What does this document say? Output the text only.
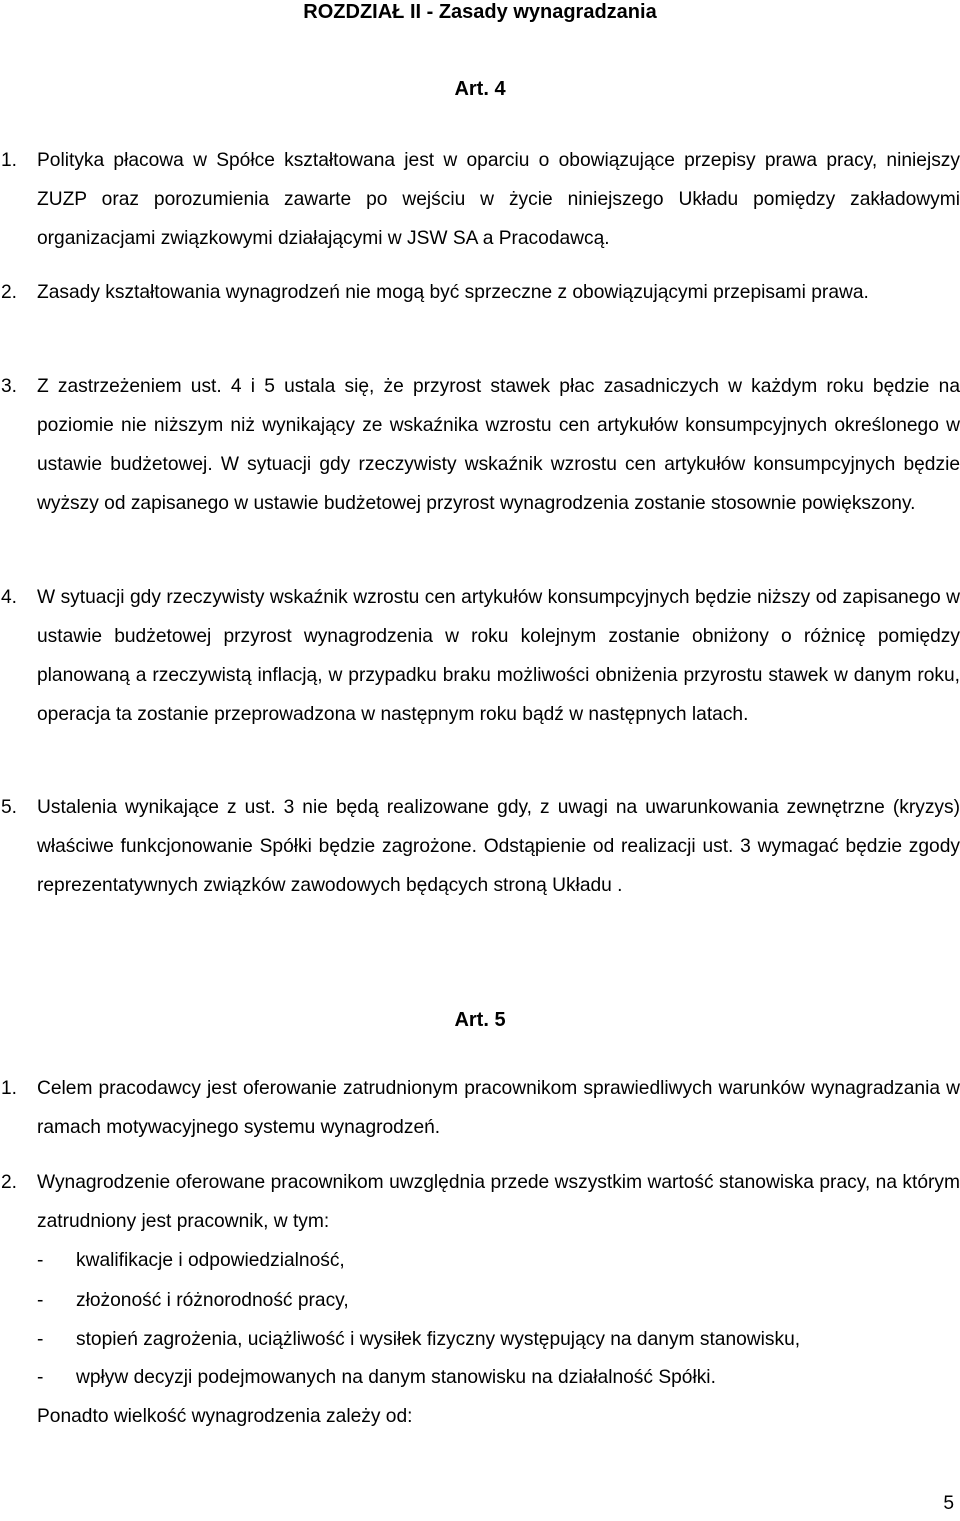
ROZDZIAŁ II - Zasady wynagradzania
Art. 4
1.	Polityka płacowa w Spółce kształtowana jest w oparciu o obowiązujące przepisy prawa pracy, niniejszy ZUZP oraz porozumienia zawarte po wejściu w życie niniejszego Układu pomiędzy zakładowymi organizacjami związkowymi działającymi w JSW SA a Pracodawcą.
2.	Zasady kształtowania wynagrodzeń nie mogą być sprzeczne z obowiązującymi przepisami prawa.
3.	Z zastrzeżeniem ust. 4 i 5 ustala się, że przyrost stawek płac zasadniczych w każdym roku będzie na poziomie nie niższym niż wynikający ze wskaźnika wzrostu cen artykułów konsumpcyjnych określonego w ustawie budżetowej. W sytuacji gdy rzeczywisty wskaźnik wzrostu cen artykułów konsumpcyjnych będzie wyższy od zapisanego w ustawie budżetowej przyrost wynagrodzenia zostanie stosownie powiększony.
4.	W sytuacji gdy rzeczywisty wskaźnik wzrostu cen artykułów konsumpcyjnych będzie niższy od zapisanego w ustawie budżetowej przyrost wynagrodzenia w roku kolejnym zostanie obniżony o różnicę pomiędzy planowaną a rzeczywistą inflacją, w przypadku braku możliwości obniżenia przyrostu stawek w danym roku, operacja ta zostanie przeprowadzona w następnym roku bądź w następnych latach.
5.	Ustalenia wynikające z ust. 3 nie będą realizowane gdy, z uwagi na uwarunkowania zewnętrzne (kryzys) właściwe funkcjonowanie Spółki będzie zagrożone. Odstąpienie od realizacji ust. 3 wymagać będzie zgody reprezentatywnych związków zawodowych będących stroną Układu .
Art. 5
1.	Celem pracodawcy jest oferowanie zatrudnionym pracownikom sprawiedliwych warunków wynagradzania w ramach motywacyjnego systemu wynagrodzeń.
2.	Wynagrodzenie oferowane pracownikom uwzględnia przede wszystkim wartość stanowiska pracy, na którym zatrudniony jest pracownik, w tym:
- kwalifikacje i odpowiedzialność,
- złożoność i różnorodność pracy,
- stopień zagrożenia, uciążliwość i wysiłek fizyczny występujący na danym stanowisku,
- wpływ decyzji podejmowanych na danym stanowisku na działalność Spółki.
Ponadto wielkość wynagrodzenia zależy od:
5
